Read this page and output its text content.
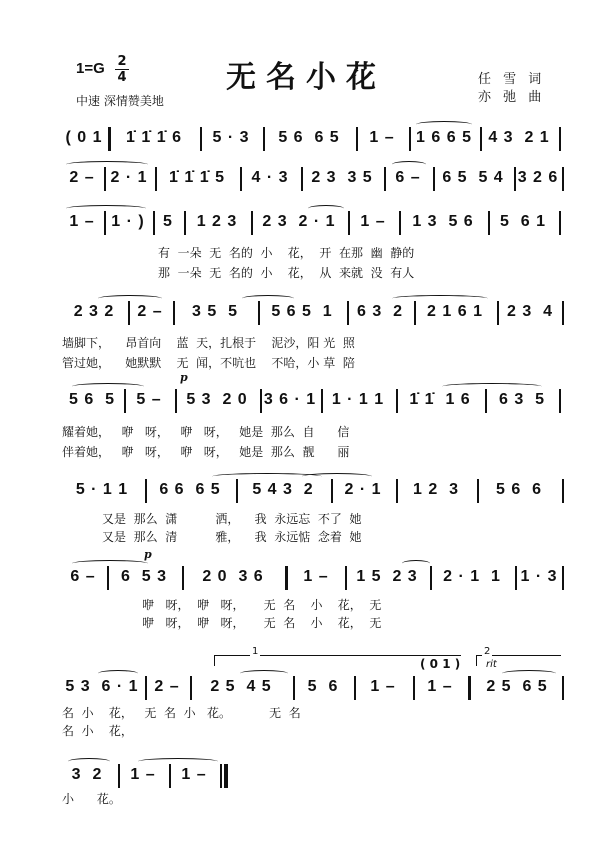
无名小花
1=G 2
4
中速 深情赞美地
任 雪 词
亦 弛 曲
( 0 1	1̇ 1̇ 1̇ 6	5 · 3	5 6  6 5	1 –	1 6 6 5	4 3  2 1
2 – 2 · 1	1̇ 1̇ 1̇ 5	4 · 3	2 3  3 5	6 –	6 5  5 4 3 2 6
1 –	1 · )	5	1 2 3	2 3  2 · 1	1 –	1 3  5 6	5  6 1
有  一朵  无  名的  小    花，  开  在那  幽  静的
那  一朵  无  名的  小    花，  从  来就  没  有人
2 3 2	2 –	3 5  5	5 6 5  1	6 3  2	2 1 6 1	2 3  4
墙脚下，    昂首向    蓝  天，扎根于    泥沙，阳 光  照
管过她，    她默默    无  闻，不吭也    不哈，小 草  陪
p
5 6  5	5 –	5 3  2 0	3 6 · 1 1 · 1 1	1̇ 1̇  1 6	6 3  5
耀着她，   咿   呀，   咿   呀，   她是  那么  自      信
伴着她，   咿   呀，   咿   呀，   她是  那么  靓      丽
5 · 1 1	6 6  6 5	5 4 3  2	2 · 1	1 2  3	5 6  6
又是  那么  潇          洒，    我  永远忘  不了  她
又是  那么  清          雅，    我  永远惦  念着  她
p
6 –	6  5 3	2 0  3 6	1 –	1 5  2 3	2 · 1  1	1 · 3
咿   呀，  咿   呀，     无  名    小    花，  无
咿   呀，  咿   呀，     无  名    小    花，  无
1
( 0 1 )
2
rit
5 3  6 · 1 2 –	2 5  4 5	5  6	1 –	1 –	2 5  6 5
名  小    花，   无  名  小   花。          无  名
名  小    花，
3  2	1 –	1 –
小      花。
